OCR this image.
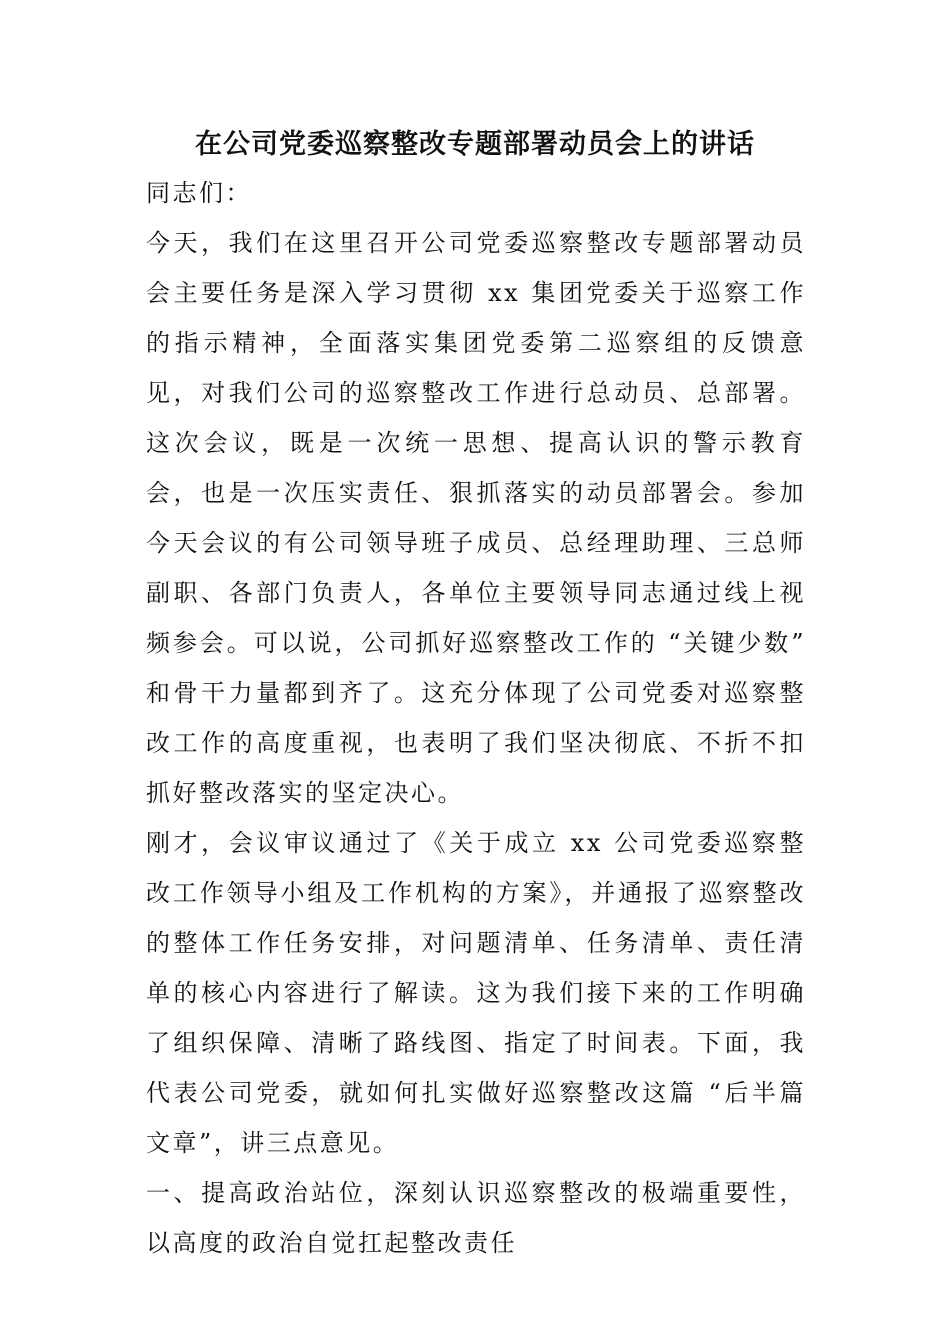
在公司党委巡察整改专题部署动员会上的讲话

同志们：

今天，我们在这里召开公司党委巡察整改专题部署动员会主要任务是深入学习贯彻 xx 集团党委关于巡察工作的指示精神，全面落实集团党委第二巡察组的反馈意见，对我们公司的巡察整改工作进行总动员、总部署。这次会议，既是一次统一思想、提高认识的警示教育会，也是一次压实责任、狠抓落实的动员部署会。参加今天会议的有公司领导班子成员、总经理助理、三总师副职、各部门负责人，各单位主要领导同志通过线上视频参会。可以说，公司抓好巡察整改工作的 “关键少数” 和骨干力量都到齐了。这充分体现了公司党委对巡察整改工作的高度重视，也表明了我们坚决彻底、不折不扣抓好整改落实的坚定决心。

刚才，会议审议通过了《关于成立 xx 公司党委巡察整改工作领导小组及工作机构的方案》，并通报了巡察整改的整体工作任务安排，对问题清单、任务清单、责任清单的核心内容进行了解读。这为我们接下来的工作明确了组织保障、清晰了路线图、指定了时间表。下面，我代表公司党委，就如何扎实做好巡察整改这篇 “后半篇文章”，讲三点意见。

一、提高政治站位，深刻认识巡察整改的极端重要性，以高度的政治自觉扛起整改责任
